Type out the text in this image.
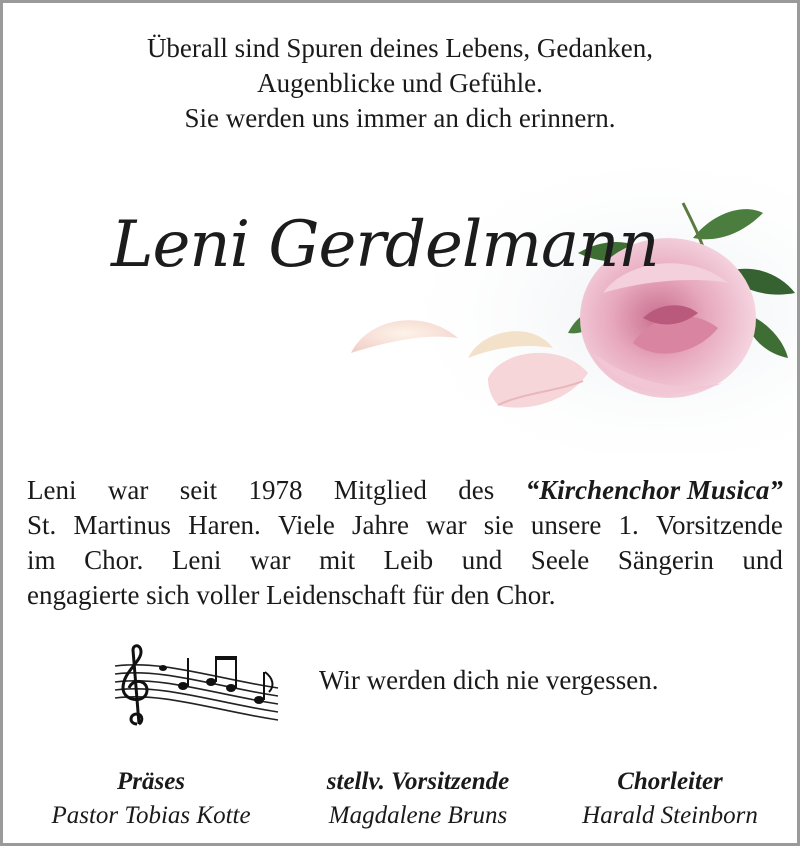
Überall sind Spuren deines Lebens, Gedanken,
Augenblicke und Gefühle.
Sie werden uns immer an dich erinnern.
Leni Gerdelmann
Leni war seit 1978 Mitglied des “Kirchenchor Musica”
St. Martinus Haren. Viele Jahre war sie unsere 1. Vorsitzende
im Chor. Leni war mit Leib und Seele Sängerin und
engagierte sich voller Leidenschaft für den Chor.
Wir werden dich nie vergessen.
Präses
Pastor Tobias Kotte
stellv. Vorsitzende
Magdalene Bruns
Chorleiter
Harald Steinborn
